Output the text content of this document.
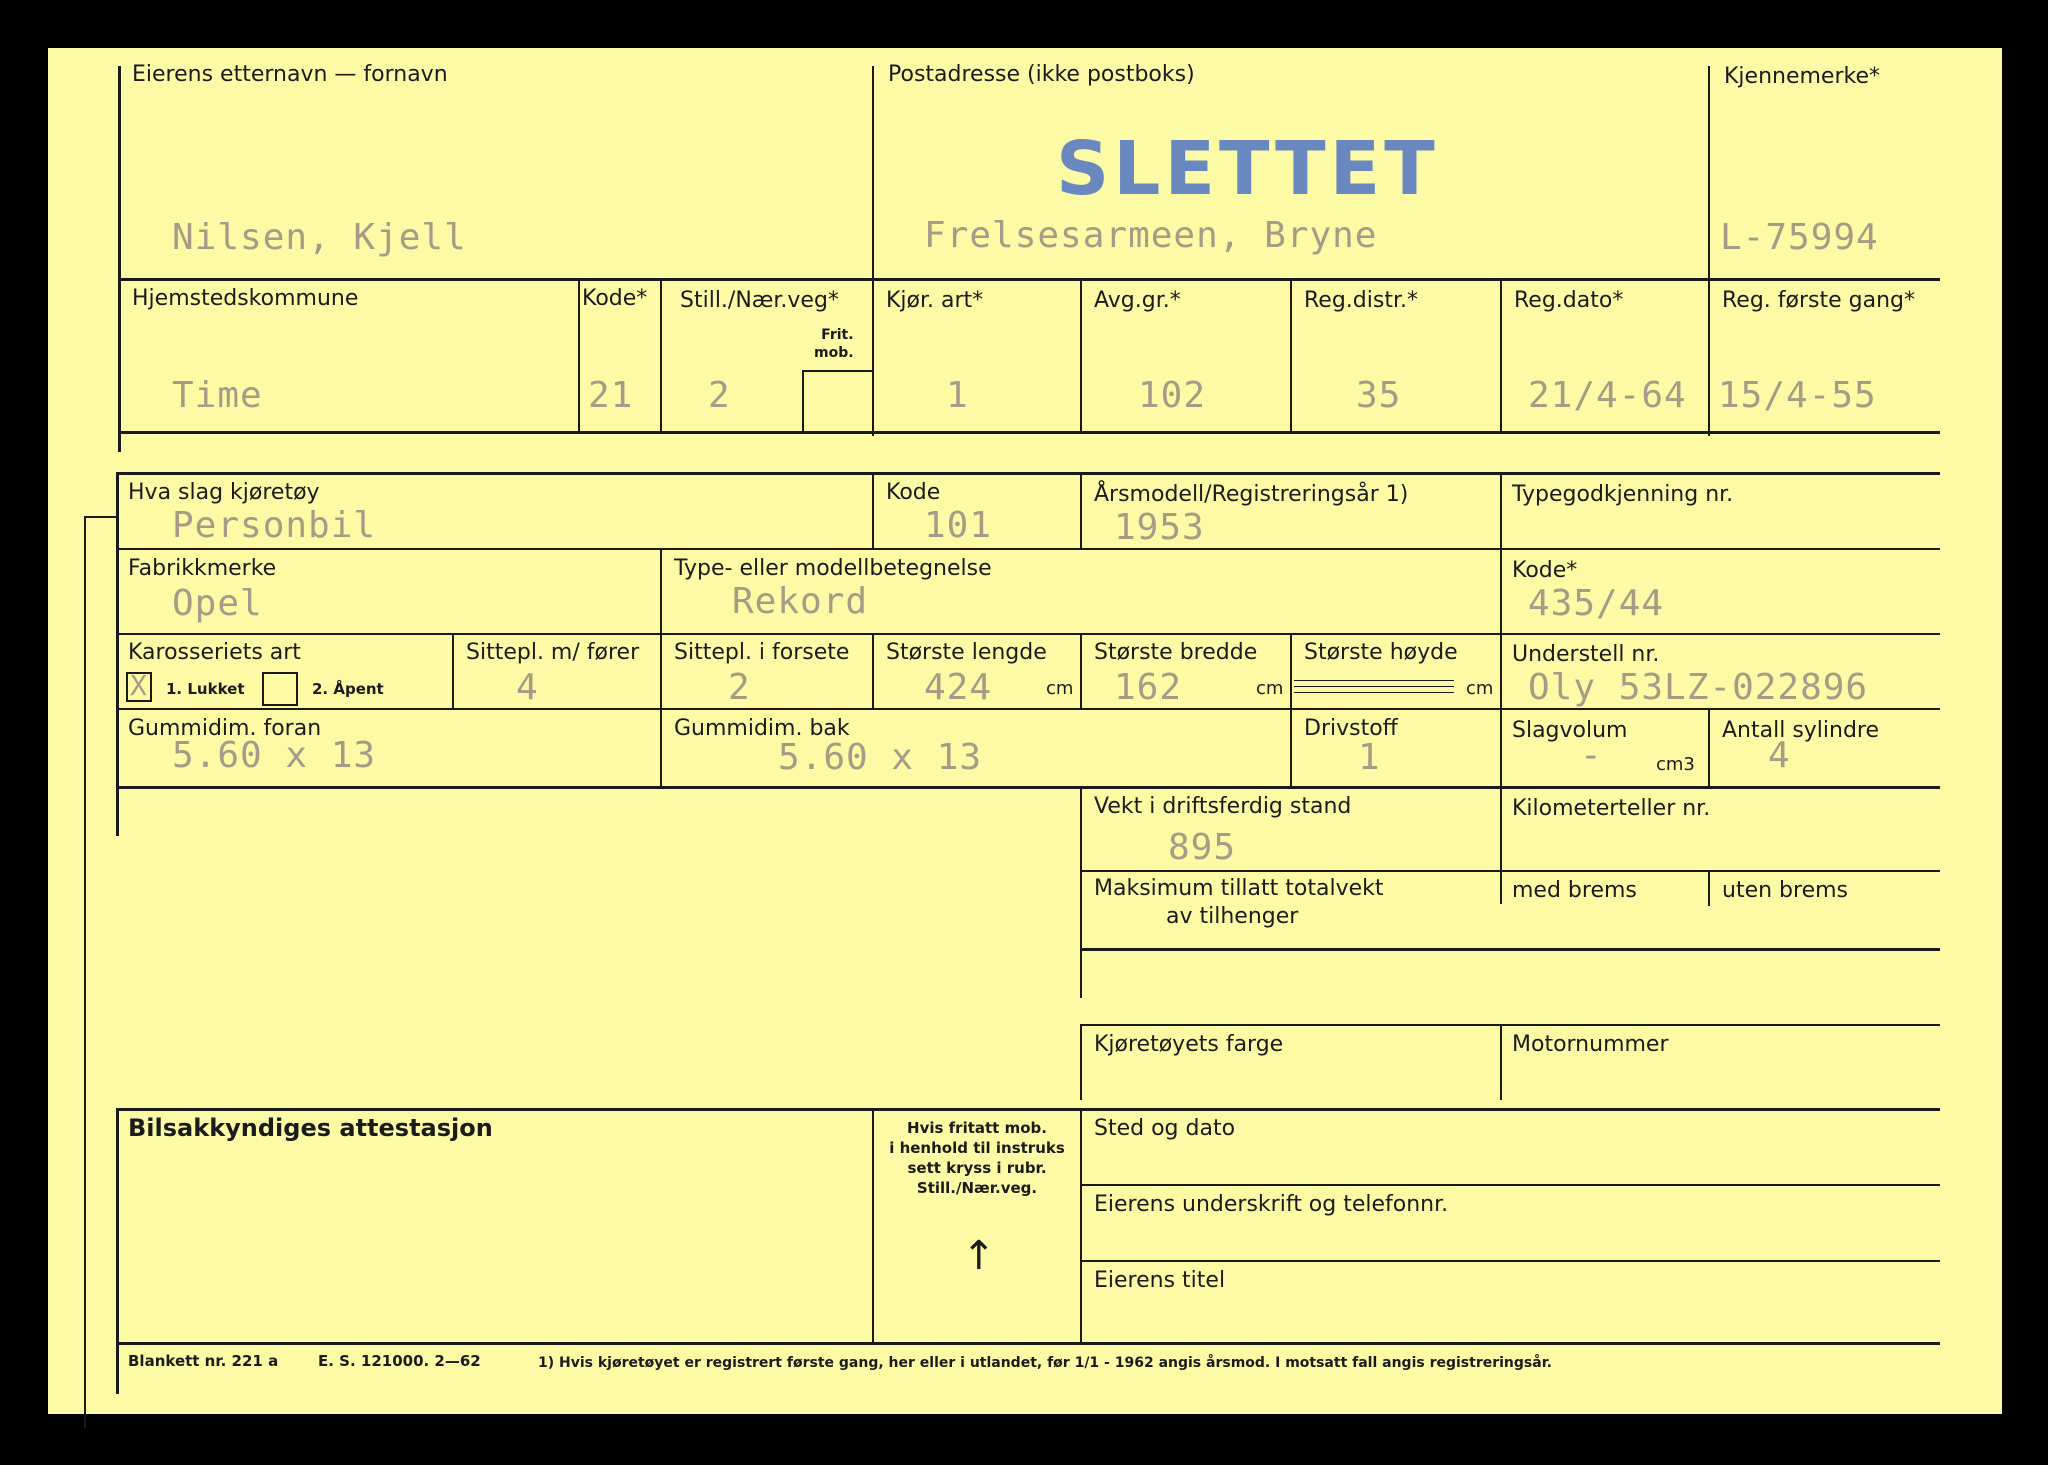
Eierens etternavn — fornavn
Nilsen, Kjell
Postadresse (ikke postboks)
SLETTET
Frelsesarmeen, Bryne
Kjennemerke*
L-75994
Hjemstedskommune
Time
Kode*
21
Still./Nær.veg*
Frit.
mob.
2
Kjør. art*
1
Avg.gr.*
102
Reg.distr.*
35
Reg.dato*
21/4-64
Reg. første gang*
15/4-55
Hva slag kjøretøy
Personbil
Kode
101
Årsmodell/Registreringsår 1)
1953
Typegodkjenning nr.
Fabrikkmerke
Opel
Type- eller modellbetegnelse
Rekord
Kode*
435/44
Karosseriets art
X 1. Lukket	2. Åpent
Sittepl. m/ fører
4
Sittepl. i forsete
2
Største lengde
424	cm
Største bredde
162	cm
Største høyde
cm
Understell nr.
Oly 53LZ-022896
Gummidim. foran
5.60 x 13
Gummidim. bak
5.60 x 13
Drivstoff
1
Slagvolum
-	cm3
Antall sylindre
4
Vekt i driftsferdig stand
895
Kilometerteller nr.
Maksimum tillatt totalvekt
av tilhenger
med brems	uten brems
Kjøretøyets farge	Motornummer
Bilsakkyndiges attestasjon	Hvis fritatt mob.
i henhold til instruks
sett kryss i rubr.
Still./Nær.veg.
↑
Sted og dato
Eierens underskrift og telefonnr.
Eierens titel
Blankett nr. 221 a	E. S. 121000. 2—62	1) Hvis kjøretøyet er registrert første gang, her eller i utlandet, før 1/1 - 1962 angis årsmod. I motsatt fall angis registreringsår.
